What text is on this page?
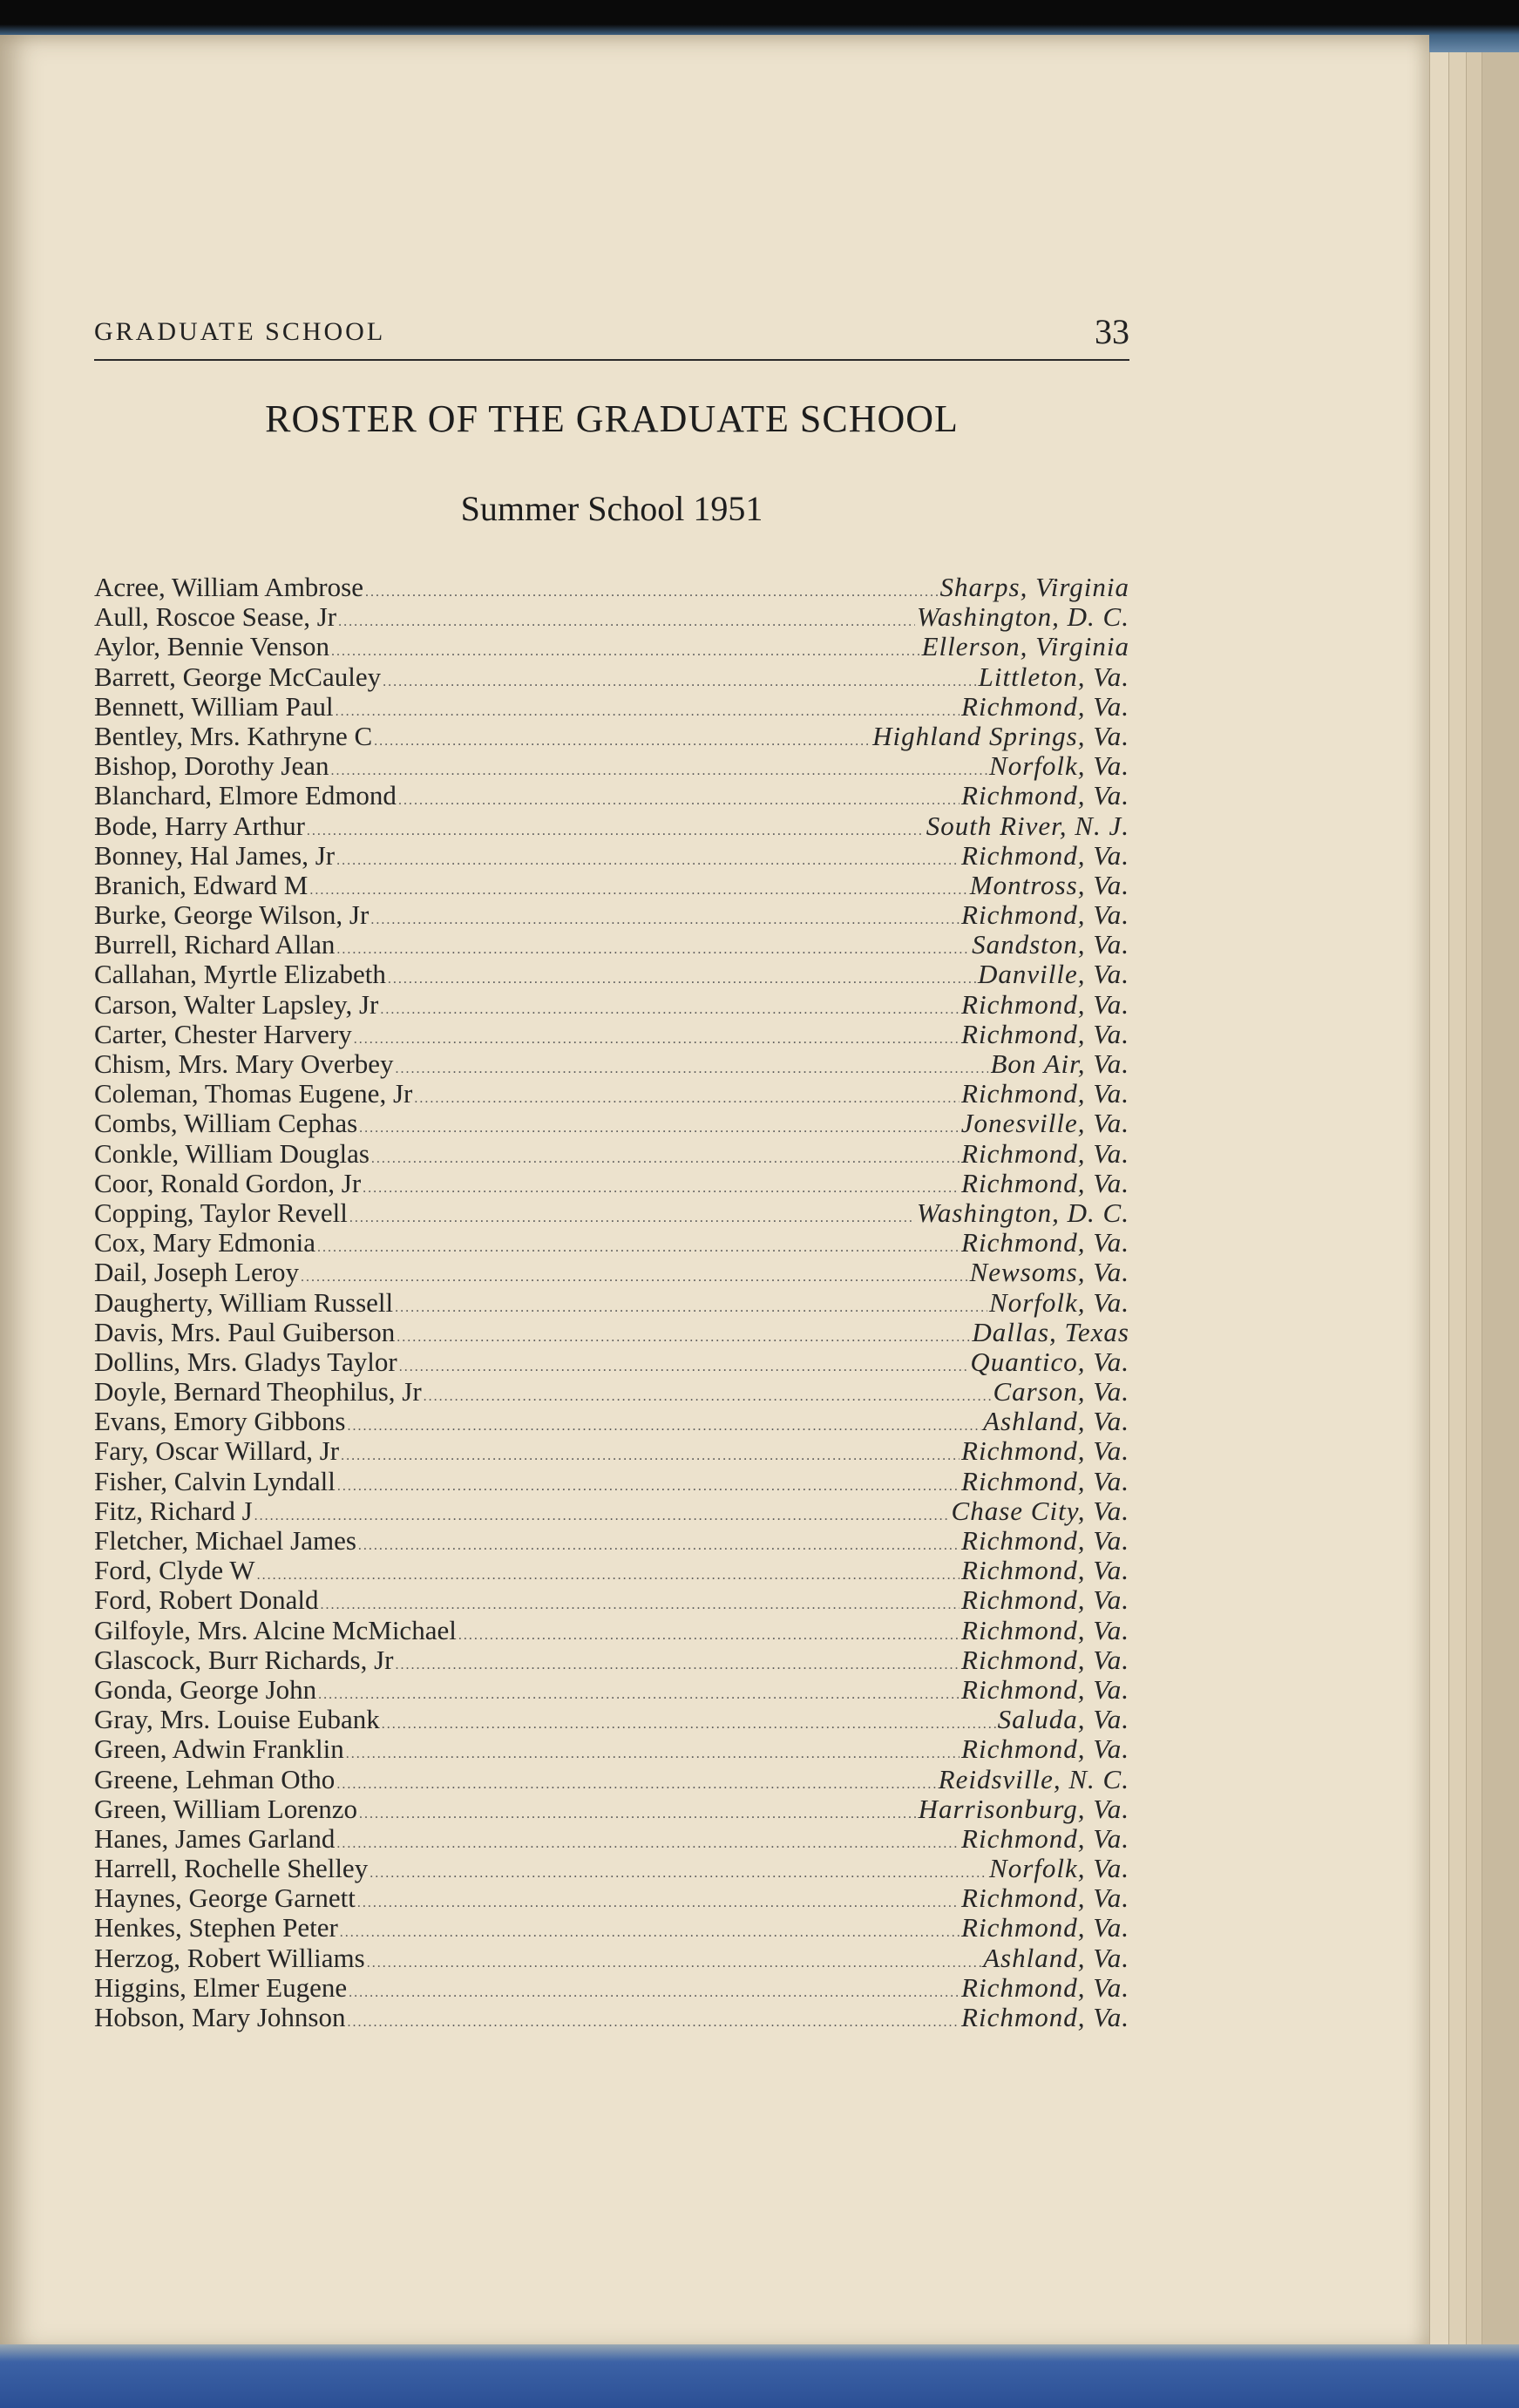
GRADUATE SCHOOL	33
ROSTER OF THE GRADUATE SCHOOL
Summer School 1951
Acree, William Ambrose .....	Sharps, Virginia
Aull, Roscoe Sease, Jr .....	Washington, D. C.
Aylor, Bennie Venson .....	Ellerson, Virginia
Barrett, George McCauley .....	Littleton, Va.
Bennett, William Paul .....	Richmond, Va.
Bentley, Mrs. Kathryne C .....	Highland Springs, Va.
Bishop, Dorothy Jean .....	Norfolk, Va.
Blanchard, Elmore Edmond .....	Richmond, Va.
Bode, Harry Arthur .....	South River, N. J.
Bonney, Hal James, Jr .....	Richmond, Va.
Branich, Edward M .....	Montross, Va.
Burke, George Wilson, Jr .....	Richmond, Va.
Burrell, Richard Allan .....	Sandston, Va.
Callahan, Myrtle Elizabeth .....	Danville, Va.
Carson, Walter Lapsley, Jr .....	Richmond, Va.
Carter, Chester Harvery .....	Richmond, Va.
Chism, Mrs. Mary Overbey .....	Bon Air, Va.
Coleman, Thomas Eugene, Jr .....	Richmond, Va.
Combs, William Cephas .....	Jonesville, Va.
Conkle, William Douglas .....	Richmond, Va.
Coor, Ronald Gordon, Jr .....	Richmond, Va.
Copping, Taylor Revell .....	Washington, D. C.
Cox, Mary Edmonia .....	Richmond, Va.
Dail, Joseph Leroy .....	Newsoms, Va.
Daugherty, William Russell .....	Norfolk, Va.
Davis, Mrs. Paul Guiberson .....	Dallas, Texas
Dollins, Mrs. Gladys Taylor .....	Quantico, Va.
Doyle, Bernard Theophilus, Jr .....	Carson, Va.
Evans, Emory Gibbons .....	Ashland, Va.
Fary, Oscar Willard, Jr .....	Richmond, Va.
Fisher, Calvin Lyndall .....	Richmond, Va.
Fitz, Richard J .....	Chase City, Va.
Fletcher, Michael James .....	Richmond, Va.
Ford, Clyde W .....	Richmond, Va.
Ford, Robert Donald .....	Richmond, Va.
Gilfoyle, Mrs. Alcine McMichael .....	Richmond, Va.
Glascock, Burr Richards, Jr .....	Richmond, Va.
Gonda, George John .....	Richmond, Va.
Gray, Mrs. Louise Eubank .....	Saluda, Va.
Green, Adwin Franklin .....	Richmond, Va.
Greene, Lehman Otho .....	Reidsville, N. C.
Green, William Lorenzo .....	Harrisonburg, Va.
Hanes, James Garland .....	Richmond, Va.
Harrell, Rochelle Shelley .....	Norfolk, Va.
Haynes, George Garnett .....	Richmond, Va.
Henkes, Stephen Peter .....	Richmond, Va.
Herzog, Robert Williams .....	Ashland, Va.
Higgins, Elmer Eugene .....	Richmond, Va.
Hobson, Mary Johnson .....	Richmond, Va.
